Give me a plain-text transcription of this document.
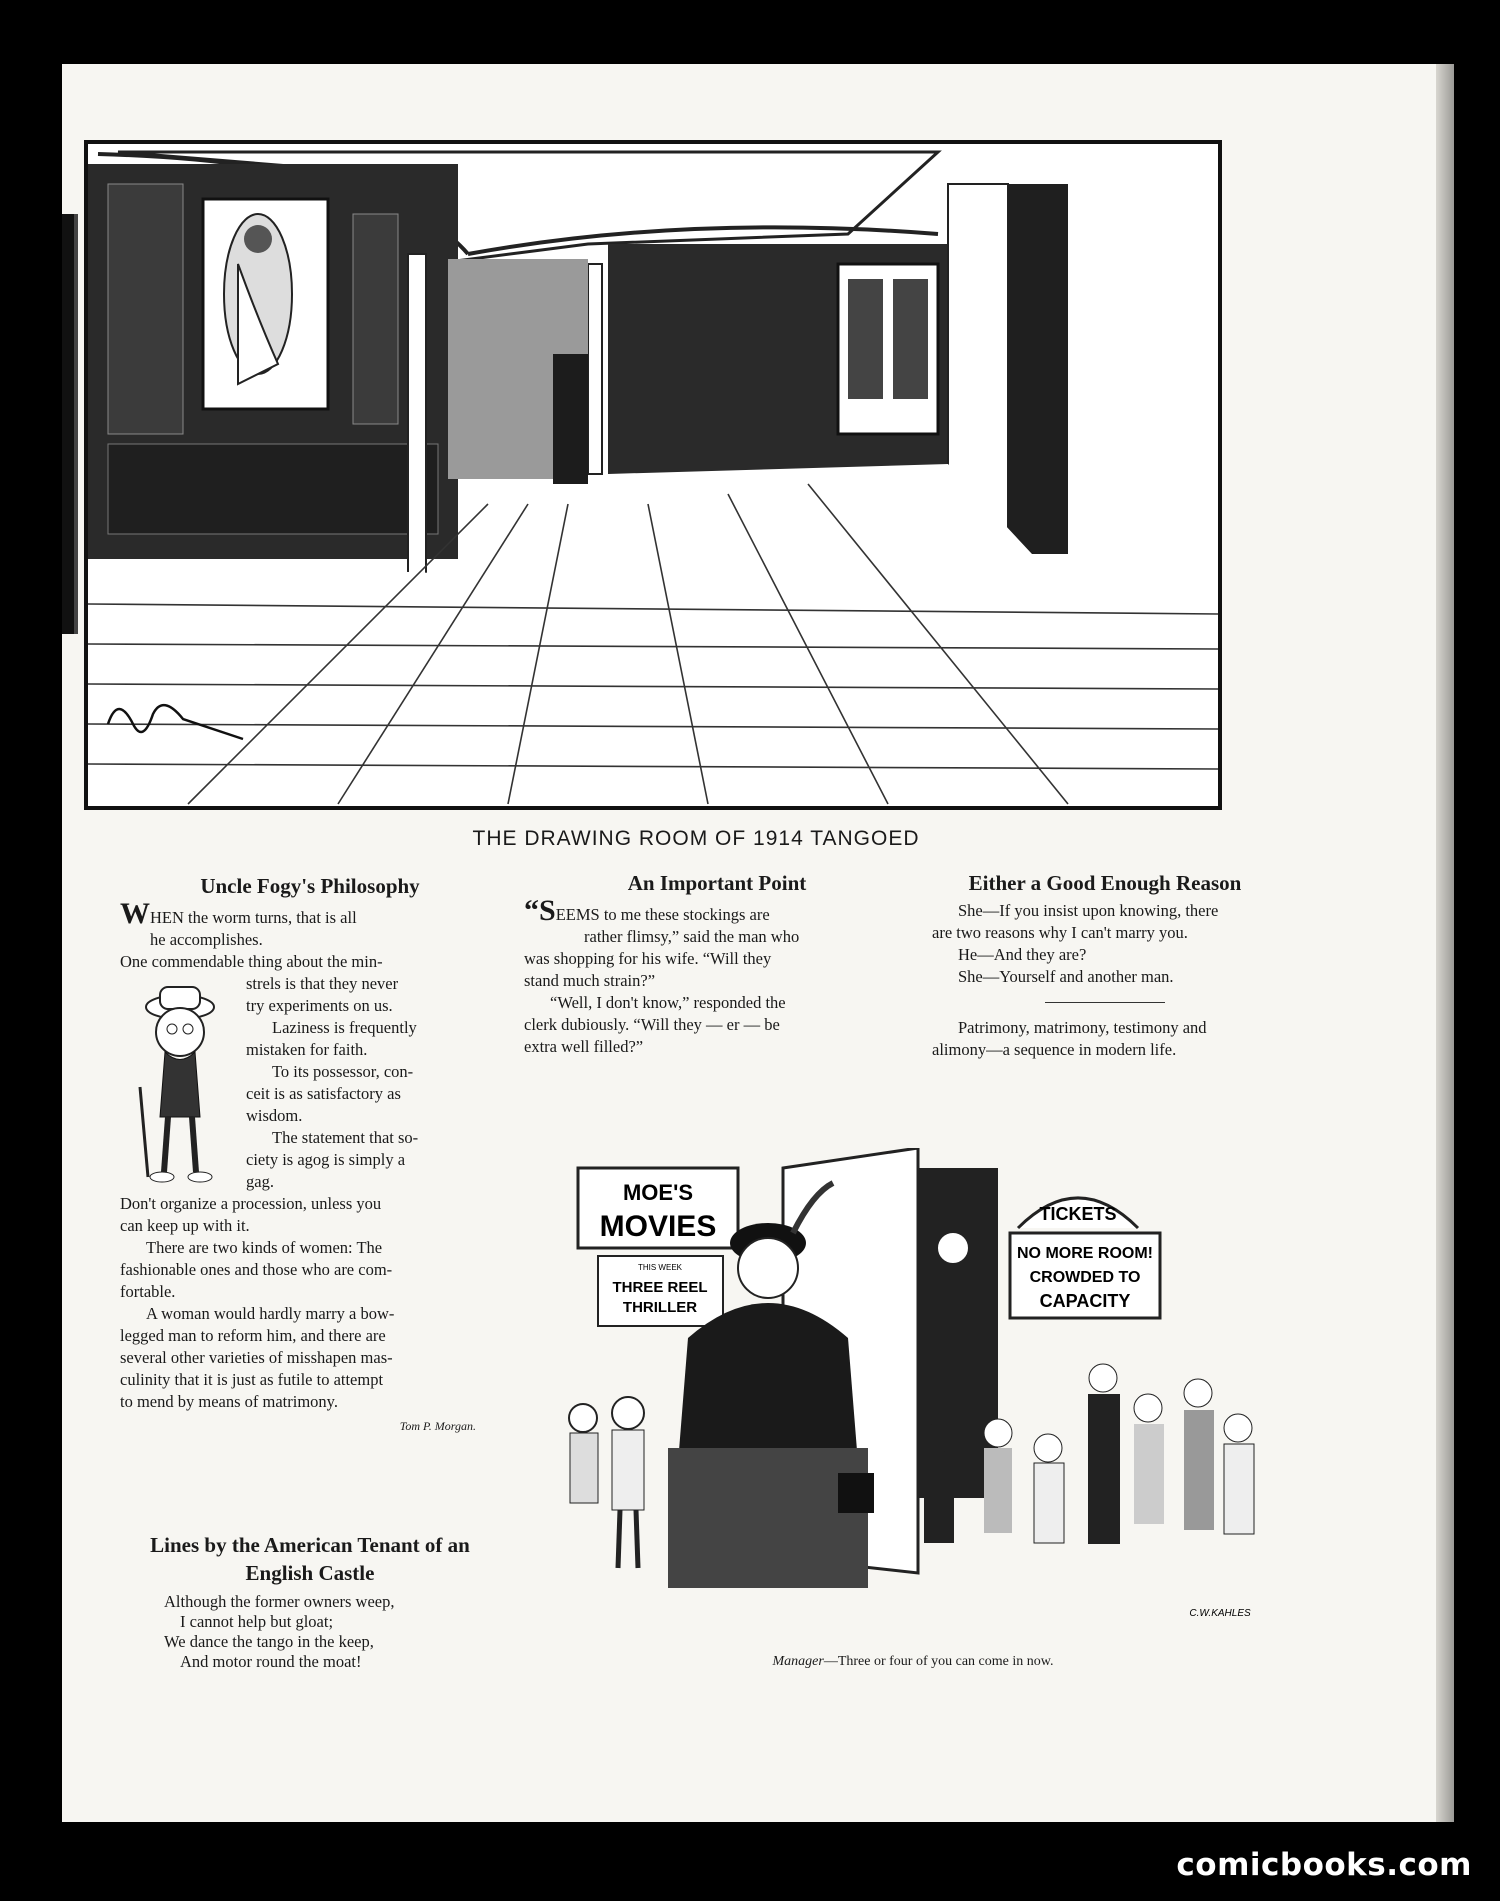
THE DRAWING ROOM OF 1914 TANGOED
Uncle Fogy's Philosophy

WHEN the worm turns, that is all

he accomplishes.

One commendable thing about the min-

strels is that they never

try experiments on us.

Laziness is frequently

mistaken for faith.

To its possessor, con-

ceit is as satisfactory as

wisdom.

The statement that so-

ciety is agog is simply a

gag.

Don't organize a procession, unless you

can keep up with it.

There are two kinds of women: The

fashionable ones and those who are com-

fortable.

A woman would hardly marry a bow-

legged man to reform him, and there are

several other varieties of misshapen mas-

culinity that it is just as futile to attempt

to mend by means of matrimony.

Tom P. Morgan.
Lines by the American Tenant of an
English Castle
Although the former owners weep,
I cannot help but gloat;
We dance the tango in the keep,
And motor round the moat!
An Important Point

“SEEMS to me these stockings are

rather flimsy,” said the man who

was shopping for his wife. “Will they

stand much strain?”

“Well, I don't know,” responded the

clerk dubiously. “Will they — er — be

extra well filled?”

Either a Good Enough Reason

She—If you insist upon knowing, there

are two reasons why I can't marry you.

He—And they are?

She—Yourself and another man.

Patrimony, matrimony, testimony and

alimony—a sequence in modern life.

MOE'S
MOVIES
THIS WEEK
THREE REEL
THRILLER
TICKETS
NO MORE ROOM!
CROWDED TO
CAPACITY
C.W.KAHLES
Manager—Three or four of you can come in now.
comicbooks.com
